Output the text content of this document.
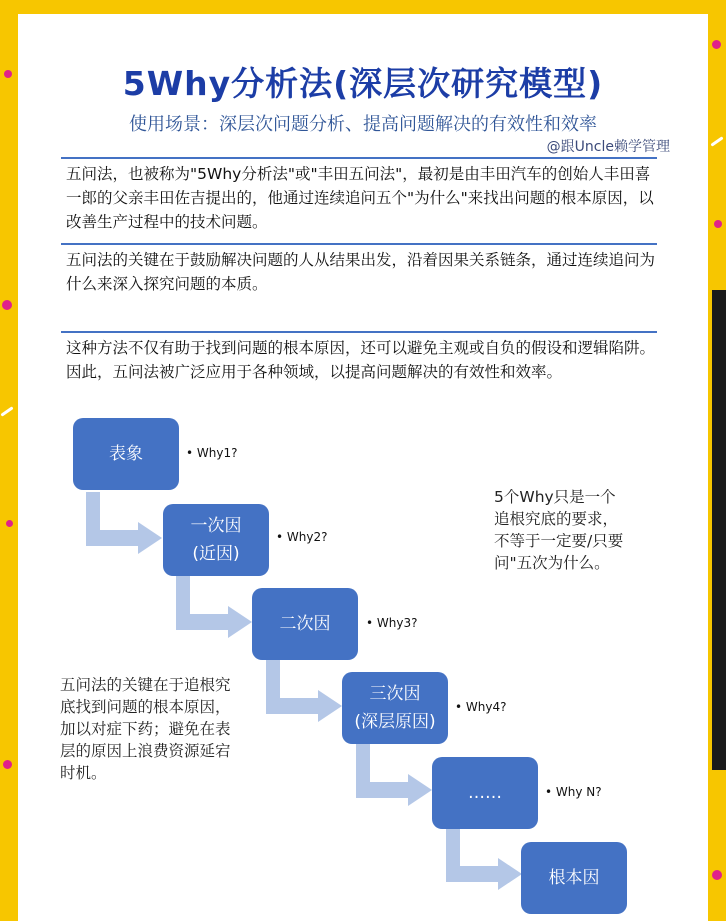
5Why分析法(深层次研究模型)
使用场景：深层次问题分析、提高问题解决的有效性和效率
@跟Uncle赖学管理
五问法，也被称为"5Why分析法"或"丰田五问法"，最初是由丰田汽车的创始人丰田喜一郎的父亲丰田佐吉提出的，他通过连续追问五个"为什么"来找出问题的根本原因，以改善生产过程中的技术问题。
五问法的关键在于鼓励解决问题的人从结果出发，沿着因果关系链条，通过连续追问为什么来深入探究问题的本质。
这种方法不仅有助于找到问题的根本原因，还可以避免主观或自负的假设和逻辑陷阱。因此，五问法被广泛应用于各种领域，以提高问题解决的有效性和效率。
表象	• Why1?
一次因
(近因)
• Why2?
二次因	• Why3?
三次因
(深层原因)
• Why4?
……	• Why N?
根本因
5个Why只是一个追根究底的要求，不等于一定要/只要问"五次为什么。
五问法的关键在于追根究底找到问题的根本原因，加以对症下药；避免在表层的原因上浪费资源延宕时机。
